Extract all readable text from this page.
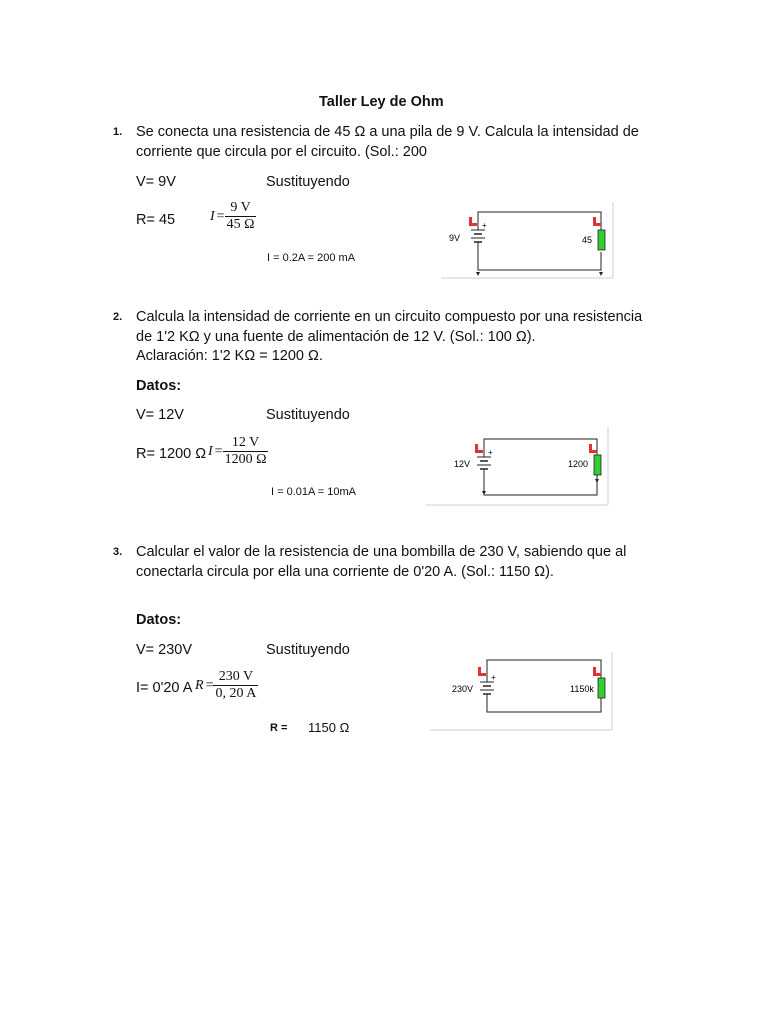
Taller Ley de Ohm
1. Se conecta una resistencia de 45 Ω a una pila de 9 V. Calcula la intensidad de
corriente que circula por el circuito. (Sol.: 200
V= 9V	Sustituyendo
R= 45 $I = \frac{9 V}{45 \Omega}$
I = 0.2A = 200 mA
+
9V	45
2. Calcula la intensidad de corriente en un circuito compuesto por una resistencia
de 1'2 KΩ y una fuente de alimentación de 12 V. (Sol.: 100 Ω).
Aclaración: 1'2 KΩ = 1200 Ω.
Datos:
V= 12V	Sustituyendo
R= 1200 Ω $I = \frac{12 V}{1200 \Omega}$
I = 0.01A = 10mA
+
12V	1200
3. Calcular el valor de la resistencia de una bombilla de 230 V, sabiendo que al
conectarla circula por ella una corriente de 0'20 A. (Sol.: 1150 Ω).
Datos:
V= 230V	Sustituyendo
I= 0'20 A $R = \frac{230 V}{0, 20 A}$
R = 1150 Ω
+
230V	1150k
